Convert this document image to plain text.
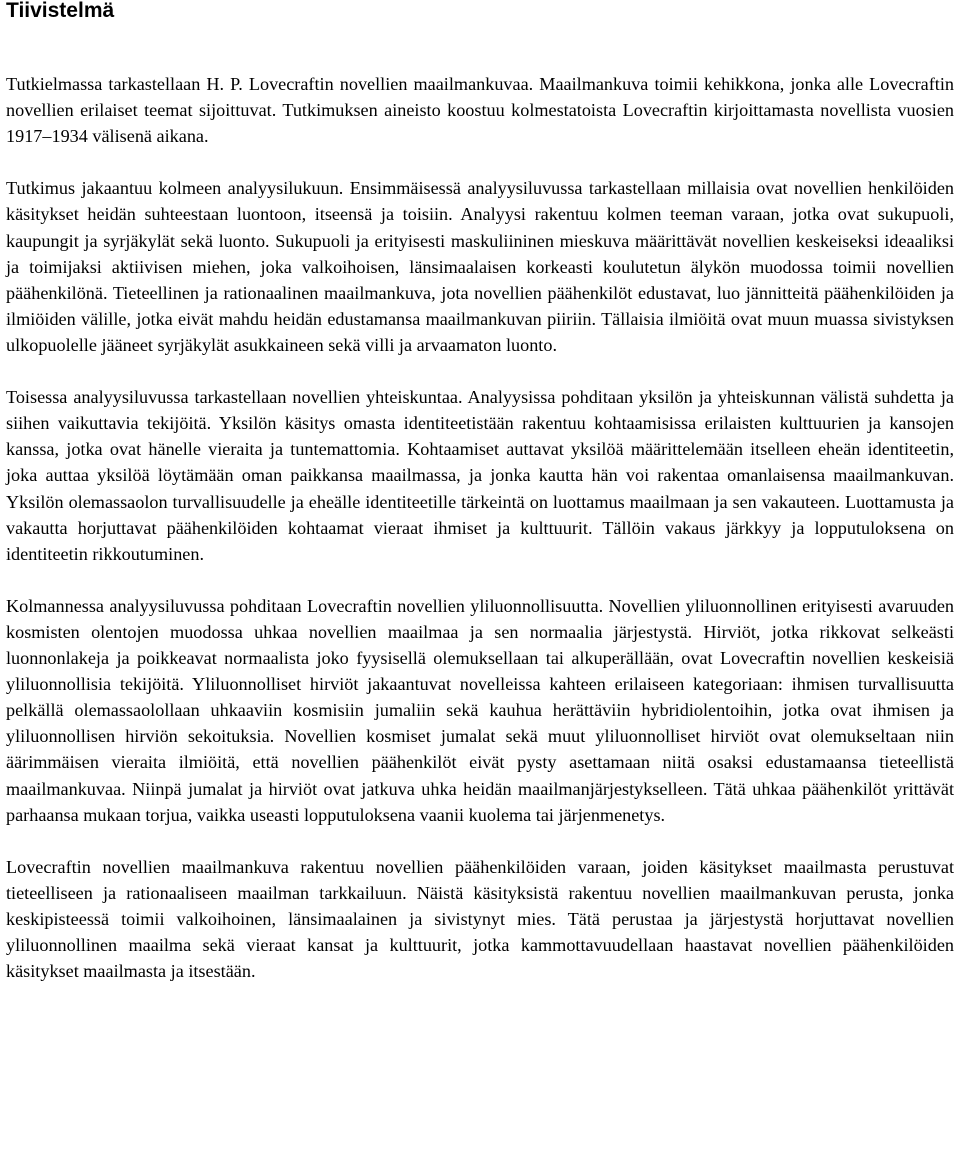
Tiivistelmä

Tutkielmassa tarkastellaan H. P. Lovecraftin novellien maailmankuvaa. Maailmankuva toimii kehikkona, jonka alle Lovecraftin novellien erilaiset teemat sijoittuvat. Tutkimuksen aineisto koostuu kolmestatoista Lovecraftin kirjoittamasta novellista vuosien 1917–1934 välisenä aikana.

Tutkimus jakaantuu kolmeen analyysilukuun. Ensimmäisessä analyysiluvussa tarkastellaan millaisia ovat novellien henkilöiden käsitykset heidän suhteestaan luontoon, itseensä ja toisiin. Analyysi rakentuu kolmen teeman varaan, jotka ovat sukupuoli, kaupungit ja syrjäkylät sekä luonto. Sukupuoli ja erityisesti maskuliininen mieskuva määrittävät novellien keskeiseksi ideaaliksi ja toimijaksi aktiivisen miehen, joka valkoihoisen, länsimaalaisen korkeasti koulutetun älykön muodossa toimii novellien päähenkilönä. Tieteellinen ja rationaalinen maailmankuva, jota novellien päähenkilöt edustavat, luo jännitteitä päähenkilöiden ja ilmiöiden välille, jotka eivät mahdu heidän edustamansa maailmankuvan piiriin. Tällaisia ilmiöitä ovat muun muassa sivistyksen ulkopuolelle jääneet syrjäkylät asukkaineen sekä villi ja arvaamaton luonto.

Toisessa analyysiluvussa tarkastellaan novellien yhteiskuntaa. Analyysissa pohditaan yksilön ja yhteiskunnan välistä suhdetta ja siihen vaikuttavia tekijöitä. Yksilön käsitys omasta identiteetistään rakentuu kohtaamisissa erilaisten kulttuurien ja kansojen kanssa, jotka ovat hänelle vieraita ja tuntemattomia. Kohtaamiset auttavat yksilöä määrittelemään itselleen eheän identiteetin, joka auttaa yksilöä löytämään oman paikkansa maailmassa, ja jonka kautta hän voi rakentaa omanlaisensa maailmankuvan. Yksilön olemassaolon turvallisuudelle ja eheälle identiteetille tärkeintä on luottamus maailmaan ja sen vakauteen. Luottamusta ja vakautta horjuttavat päähenkilöiden kohtaamat vieraat ihmiset ja kulttuurit. Tällöin vakaus järkkyy ja lopputuloksena on identiteetin rikkoutuminen.

Kolmannessa analyysiluvussa pohditaan Lovecraftin novellien yliluonnollisuutta. Novellien yliluonnollinen erityisesti avaruuden kosmisten olentojen muodossa uhkaa novellien maailmaa ja sen normaalia järjestystä. Hirviöt, jotka rikkovat selkeästi luonnonlakeja ja poikkeavat normaalista joko fyysisellä olemuksellaan tai alkuperällään, ovat Lovecraftin novellien keskeisiä yliluonnollisia tekijöitä. Yliluonnolliset hirviöt jakaantuvat novelleissa kahteen erilaiseen kategoriaan: ihmisen turvallisuutta pelkällä olemassaolollaan uhkaaviin kosmisiin jumaliin sekä kauhua herättäviin hybridiolentoihin, jotka ovat ihmisen ja yliluonnollisen hirviön sekoituksia. Novellien kosmiset jumalat sekä muut yliluonnolliset hirviöt ovat olemukseltaan niin äärimmäisen vieraita ilmiöitä, että novellien päähenkilöt eivät pysty asettamaan niitä osaksi edustamaansa tieteellistä maailmankuvaa. Niinpä jumalat ja hirviöt ovat jatkuva uhka heidän maailmanjärjestykselleen. Tätä uhkaa päähenkilöt yrittävät parhaansa mukaan torjua, vaikka useasti lopputuloksena vaanii kuolema tai järjenmenetys.

Lovecraftin novellien maailmankuva rakentuu novellien päähenkilöiden varaan, joiden käsitykset maailmasta perustuvat tieteelliseen ja rationaaliseen maailman tarkkailuun. Näistä käsityksistä rakentuu novellien maailmankuvan perusta, jonka keskipisteessä toimii valkoihoinen, länsimaalainen ja sivistynyt mies. Tätä perustaa ja järjestystä horjuttavat novellien yliluonnollinen maailma sekä vieraat kansat ja kulttuurit, jotka kammottavuudellaan haastavat novellien päähenkilöiden käsitykset maailmasta ja itsestään.
